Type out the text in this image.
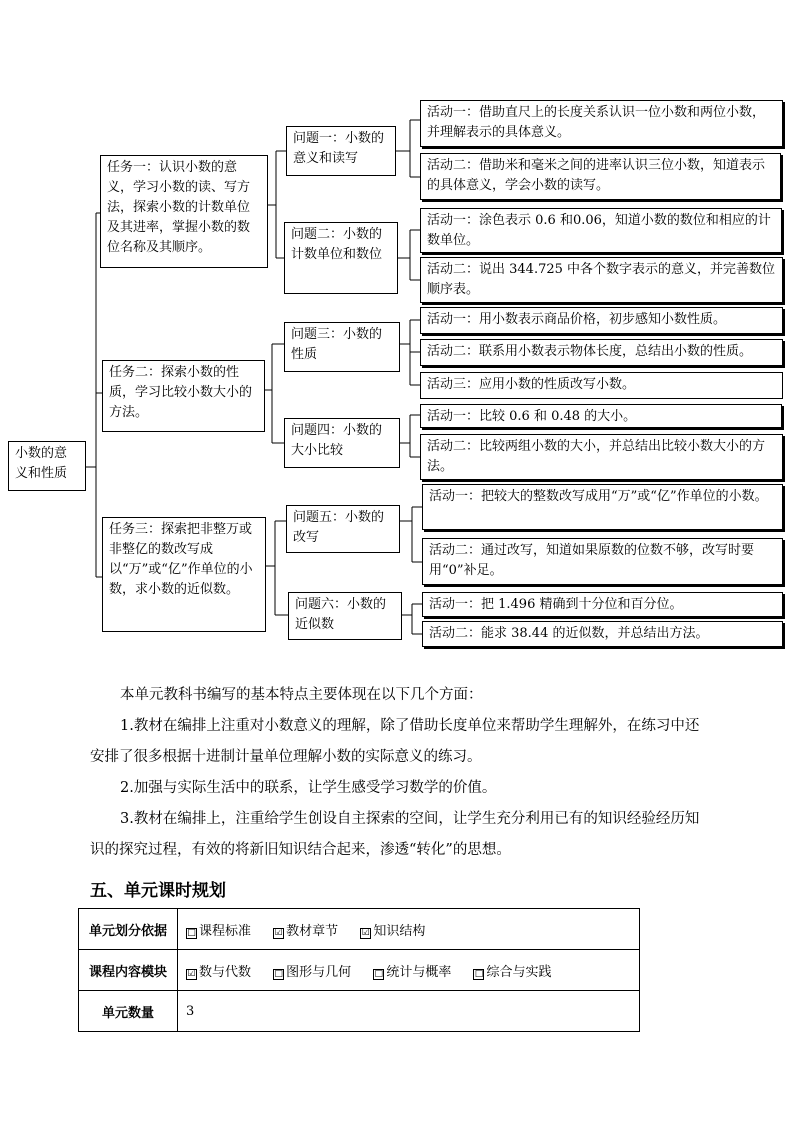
小数的意义和性质
任务一：认识小数的意义，学习小数的读、写方法，探索小数的计数单位及其进率，掌握小数的数位名称及其顺序。
任务二：探索小数的性质，学习比较小数大小的方法。
任务三：探索把非整万或非整亿的数改写成以“万”或“亿”作单位的小数，求小数的近似数。
问题一：小数的意义和读写
问题二：小数的计数单位和数位
问题三：小数的性质
问题四：小数的大小比较
问题五：小数的改写
问题六：小数的近似数
活动一：借助直尺上的长度关系认识一位小数和两位小数，并理解表示的具体意义。
活动二：借助米和毫米之间的进率认识三位小数，知道表示的具体意义，学会小数的读写。
活动一：涂色表示 0.6 和0.06，知道小数的数位和相应的计数单位。
活动二：说出 344.725 中各个数字表示的意义，并完善数位顺序表。
活动一：用小数表示商品价格，初步感知小数性质。
活动二：联系用小数表示物体长度，总结出小数的性质。
活动三：应用小数的性质改写小数。
活动一：比较 0.6 和 0.48 的大小。
活动二：比较两组小数的大小，并总结出比较小数大小的方法。
活动一：把较大的整数改写成用“万”或“亿”作单位的小数。
活动二：通过改写，知道如果原数的位数不够，改写时要用“0”补足。
活动一：把 1.496 精确到十分位和百分位。
活动二：能求 38.44 的近似数，并总结出方法。

本单元教科书编写的基本特点主要体现在以下几个方面：

1.教材在编排上注重对小数意义的理解，除了借助长度单位来帮助学生理解外，在练习中还安排了很多根据十进制计量单位理解小数的实际意义的练习。

2.加强与实际生活中的联系，让学生感受学习数学的价值。

3.教材在编排上，注重给学生创设自主探索的空间，让学生充分利用已有的知识经验经历知识的探究过程，有效的将新旧知识结合起来，渗透“转化”的思想。

五、单元课时规划
单元划分依据	□ 课程标准 ☑ 教材章节 ☑ 知识结构
课程内容模块	☑ 数与代数 □ 图形与几何 □ 统计与概率 □ 综合与实践
单元数量	3
